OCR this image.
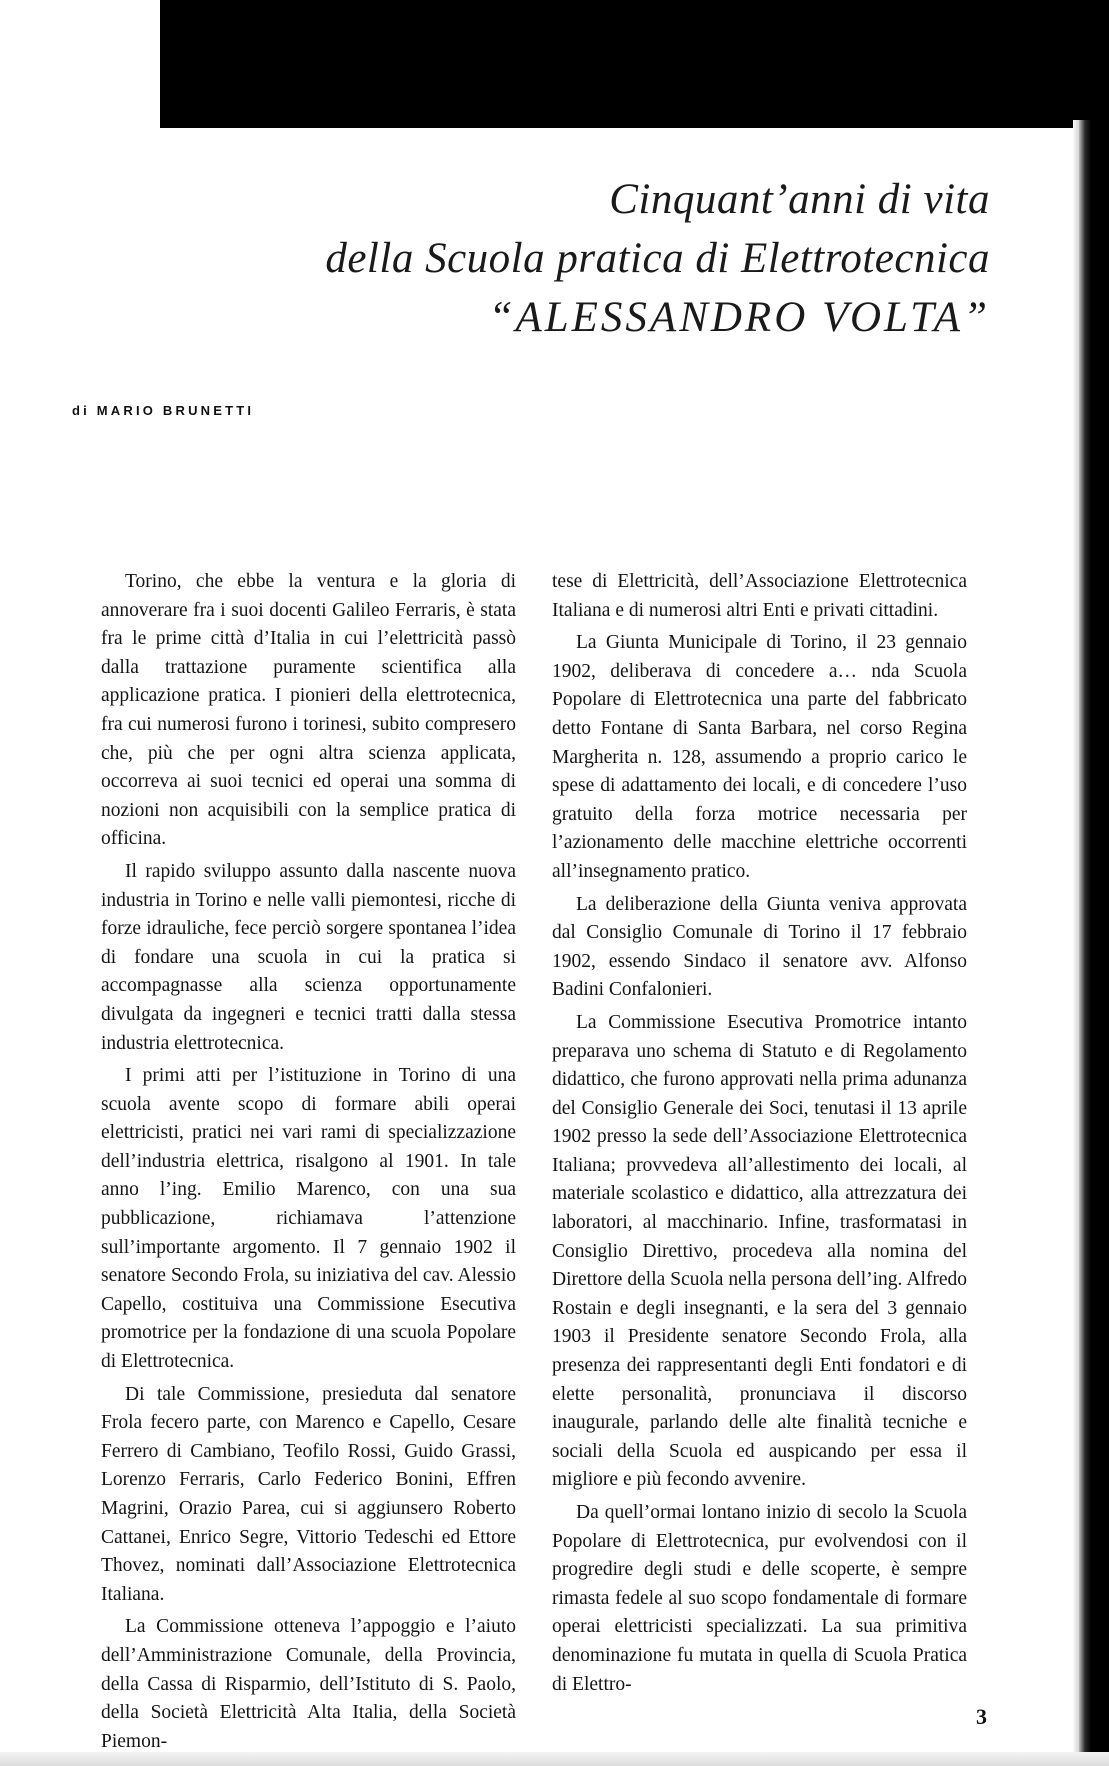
Cinquant’anni di vita
della Scuola pratica di Elettrotecnica
“ALESSANDRO VOLTA”
di MARIO BRUNETTI

Torino, che ebbe la ventura e la gloria di annoverare fra i suoi docenti Galileo Ferraris, è stata fra le prime città d’Italia in cui l’elettricità passò dalla trattazione puramente scientifica alla applicazione pratica. I pionieri della elettrotecnica, fra cui numerosi furono i torinesi, subito compresero che, più che per ogni altra scienza applicata, occorreva ai suoi tecnici ed operai una somma di nozioni non acquisibili con la semplice pratica di officina.

Il rapido sviluppo assunto dalla nascente nuova industria in Torino e nelle valli piemontesi, ricche di forze idrauliche, fece perciò sorgere spontanea l’idea di fondare una scuola in cui la pratica si accompagnasse alla scienza opportunamente divulgata da ingegneri e tecnici tratti dalla stessa industria elettrotecnica.

I primi atti per l’istituzione in Torino di una scuola avente scopo di formare abili operai elettricisti, pratici nei vari rami di specializzazione dell’industria elettrica, risalgono al 1901. In tale anno l’ing. Emilio Marenco, con una sua pubblicazione, richiamava l’attenzione sull’importante argomento. Il 7 gennaio 1902 il senatore Secondo Frola, su iniziativa del cav. Alessio Capello, costituiva una Commissione Esecutiva promotrice per la fondazione di una scuola Popolare di Elettrotecnica.

Di tale Commissione, presieduta dal senatore Frola fecero parte, con Marenco e Capello, Cesare Ferrero di Cambiano, Teofilo Rossi, Guido Grassi, Lorenzo Ferraris, Carlo Federico Bonini, Effren Magrini, Orazio Parea, cui si aggiunsero Roberto Cattanei, Enrico Segre, Vittorio Tedeschi ed Ettore Thovez, nominati dall’Associazione Elettrotecnica Italiana.

La Commissione otteneva l’appoggio e l’aiuto dell’Amministrazione Comunale, della Provincia, della Cassa di Risparmio, dell’Istituto di S. Paolo, della Società Elettricità Alta Italia, della Società Piemon-

tese di Elettricità, dell’Associazione Elettrotecnica Italiana e di numerosi altri Enti e privati cittadini.

La Giunta Municipale di Torino, il 23 gennaio 1902, deliberava di concedere a… nda Scuola Popolare di Elettrotecnica una parte del fabbricato detto Fontane di Santa Barbara, nel corso Regina Margherita n. 128, assumendo a proprio carico le spese di adattamento dei locali, e di concedere l’uso gratuito della forza motrice necessaria per l’azionamento delle macchine elettriche occorrenti all’insegnamento pratico.

La deliberazione della Giunta veniva approvata dal Consiglio Comunale di Torino il 17 febbraio 1902, essendo Sindaco il senatore avv. Alfonso Badini Confalonieri.

La Commissione Esecutiva Promotrice intanto preparava uno schema di Statuto e di Regolamento didattico, che furono approvati nella prima adunanza del Consiglio Generale dei Soci, tenutasi il 13 aprile 1902 presso la sede dell’Associazione Elettrotecnica Italiana; provvedeva all’allestimento dei locali, al materiale scolastico e didattico, alla attrezzatura dei laboratori, al macchinario. Infine, trasformatasi in Consiglio Direttivo, procedeva alla nomina del Direttore della Scuola nella persona dell’ing. Alfredo Rostain e degli insegnanti, e la sera del 3 gennaio 1903 il Presidente senatore Secondo Frola, alla presenza dei rappresentanti degli Enti fondatori e di elette personalità, pronunciava il discorso inaugurale, parlando delle alte finalità tecniche e sociali della Scuola ed auspicando per essa il migliore e più fecondo avvenire.

Da quell’ormai lontano inizio di secolo la Scuola Popolare di Elettrotecnica, pur evolvendosi con il progredire degli studi e delle scoperte, è sempre rimasta fedele al suo scopo fondamentale di formare operai elettricisti specializzati. La sua primitiva denominazione fu mutata in quella di Scuola Pratica di Elettro-

3
